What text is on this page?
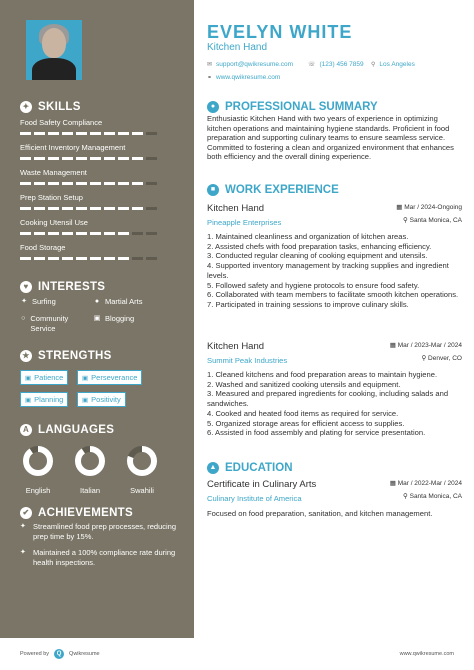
✦ SKILLS
Food Safety Compliance
Efficient Inventory Management
Waste Management
Prep Station Setup
Cooking Utensil Use
Food Storage
♥ INTERESTS
✦ Surfing	● Martial Arts
○ Community Service
▣ Blogging
★ STRENGTHS
▣ Patience	▣ Perseverance
▣ Planning	▣ Positivity
A LANGUAGES
English	Italian	Swahili
✔ ACHIEVEMENTS
✦ Streamlined food prep processes, reducing prep time by 15%.
✦ Maintained a 100% compliance rate during health inspections.
EVELYN WHITE
Kitchen Hand
✉ support@qwikresume.com ☏ (123) 456 7859 ⚲ Los Angeles
⚭ www.qwikresume.com
● PROFESSIONAL SUMMARY
Enthusiastic Kitchen Hand with two years of experience in optimizing kitchen operations and maintaining hygiene standards. Proficient in food preparation and supporting culinary teams to ensure seamless service. Committed to fostering a clean and organized environment that enhances both efficiency and the overall dining experience.
■ WORK EXPERIENCE
Kitchen Hand	▦ Mar / 2024-Ongoing
⚲ Santa Monica, CA
Pineapple Enterprises
1. Maintained cleanliness and organization of kitchen areas.
2. Assisted chefs with food preparation tasks, enhancing efficiency.
3. Conducted regular cleaning of cooking equipment and utensils.
4. Supported inventory management by tracking supplies and ingredient levels.
5. Followed safety and hygiene protocols to ensure food safety.
6. Collaborated with team members to facilitate smooth kitchen operations.
7. Participated in training sessions to improve culinary skills.
Kitchen Hand	▦ Mar / 2023-Mar / 2024
⚲ Denver, CO
Summit Peak Industries
1. Cleaned kitchens and food preparation areas to maintain hygiene.
2. Washed and sanitized cooking utensils and equipment.
3. Measured and prepared ingredients for cooking, including salads and sandwiches.
4. Cooked and heated food items as required for service.
5. Organized storage areas for efficient access to supplies.
6. Assisted in food assembly and plating for service presentation.
▲ EDUCATION
Certificate in Culinary Arts	▦ Mar / 2022-Mar / 2024
⚲ Santa Monica, CA
Culinary Institute of America
Focused on food preparation, sanitation, and kitchen management.
Powered by	Q	Qwikresume	www.qwikresume.com
